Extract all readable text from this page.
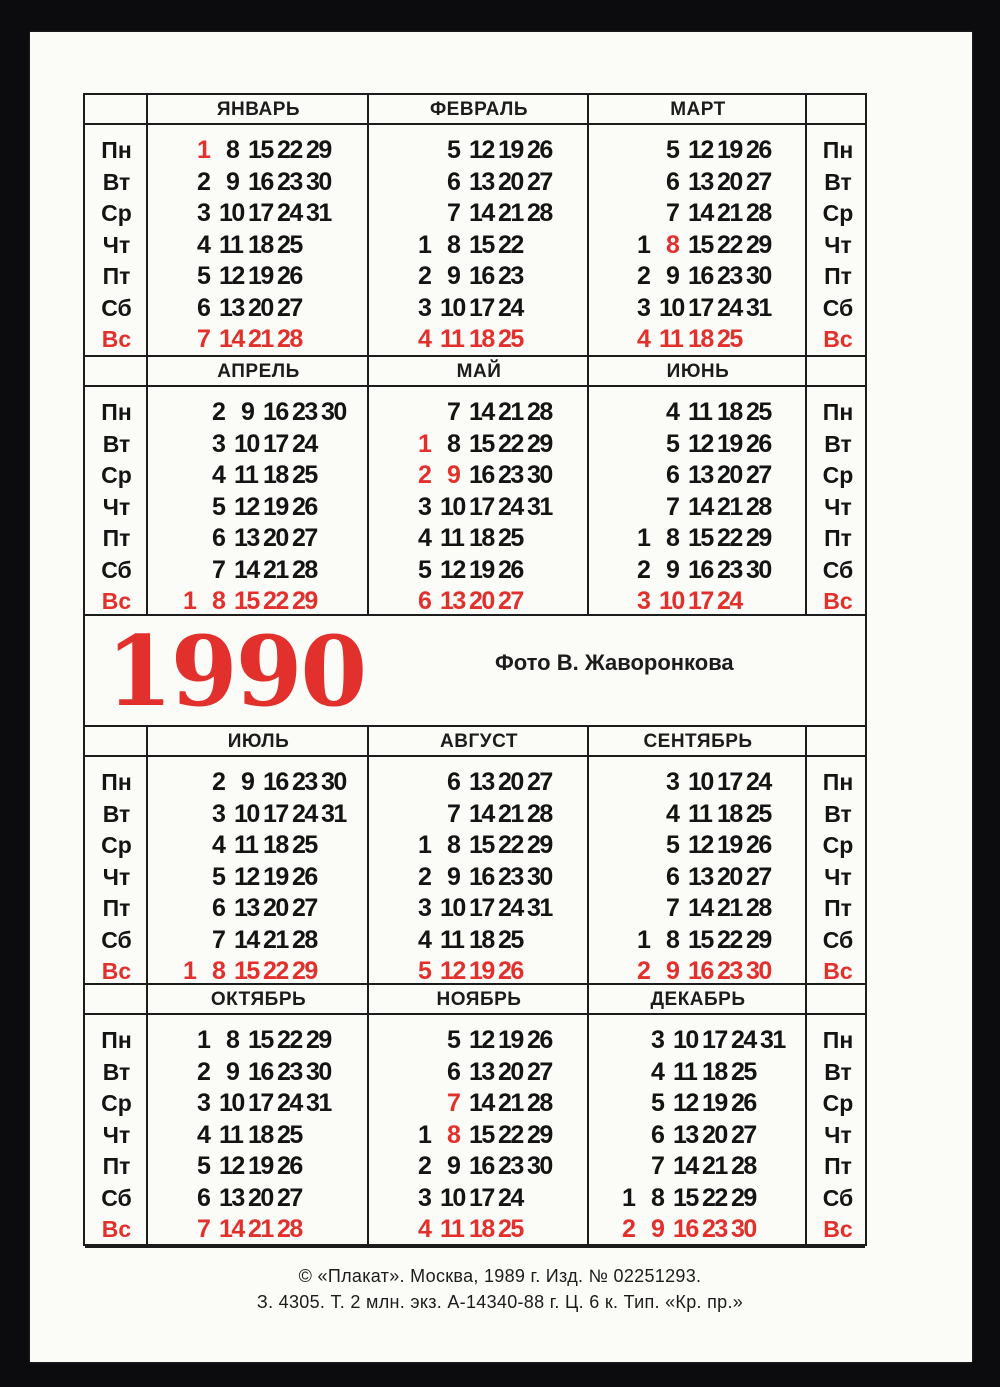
Пн
Вт
Ср
Чт
Пт
Сб
Вс
Пн
Вт
Ср
Чт
Пт
Сб
Вс
ЯНВАРЬ
1 8 15 22 29
2 9 16 23 30
3 10 17 24 31
4 11 18 25
5 12 19 26
6 13 20 27
7 14 21 28
ФЕВРАЛЬ
5 12 19 26
6 13 20 27
7 14 21 28
1 8 15 22
2 9 16 23
3 10 17 24
4 11 18 25
МАРТ
5 12 19 26
6 13 20 27
7 14 21 28
1 8 15 22 29
2 9 16 23 30
3 10 17 24 31
4 11 18 25
Пн
Вт
Ср
Чт
Пт
Сб
Вс
Пн
Вт
Ср
Чт
Пт
Сб
Вс
АПРЕЛЬ
2 9 16 23 30
3 10 17 24
4 11 18 25
5 12 19 26
6 13 20 27
7 14 21 28
1 8 15 22 29
МАЙ
7 14 21 28
1 8 15 22 29
2 9 16 23 30
3 10 17 24 31
4 11 18 25
5 12 19 26
6 13 20 27
ИЮНЬ
4 11 18 25
5 12 19 26
6 13 20 27
7 14 21 28
1 8 15 22 29
2 9 16 23 30
3 10 17 24
Пн
Вт
Ср
Чт
Пт
Сб
Вс
Пн
Вт
Ср
Чт
Пт
Сб
Вс
ИЮЛЬ
2 9 16 23 30
3 10 17 24 31
4 11 18 25
5 12 19 26
6 13 20 27
7 14 21 28
1 8 15 22 29
АВГУСТ
6 13 20 27
7 14 21 28
1 8 15 22 29
2 9 16 23 30
3 10 17 24 31
4 11 18 25
5 12 19 26
СЕНТЯБРЬ
3 10 17 24
4 11 18 25
5 12 19 26
6 13 20 27
7 14 21 28
1 8 15 22 29
2 9 16 23 30
Пн
Вт
Ср
Чт
Пт
Сб
Вс
Пн
Вт
Ср
Чт
Пт
Сб
Вс
ОКТЯБРЬ
1 8 15 22 29
2 9 16 23 30
3 10 17 24 31
4 11 18 25
5 12 19 26
6 13 20 27
7 14 21 28
НОЯБРЬ
5 12 19 26
6 13 20 27
7 14 21 28
1 8 15 22 29
2 9 16 23 30
3 10 17 24
4 11 18 25
ДЕКАБРЬ
3 10 17 24 31
4 11 18 25
5 12 19 26
6 13 20 27
7 14 21 28
1 8 15 22 29
2 9 16 23 30
1990	Фото В. Жаворонкова
© «Плакат». Москва, 1989 г. Изд. № 02251293.
З. 4305. Т. 2 млн. экз. А-14340-88 г. Ц. 6 к. Тип. «Кр. пр.»
